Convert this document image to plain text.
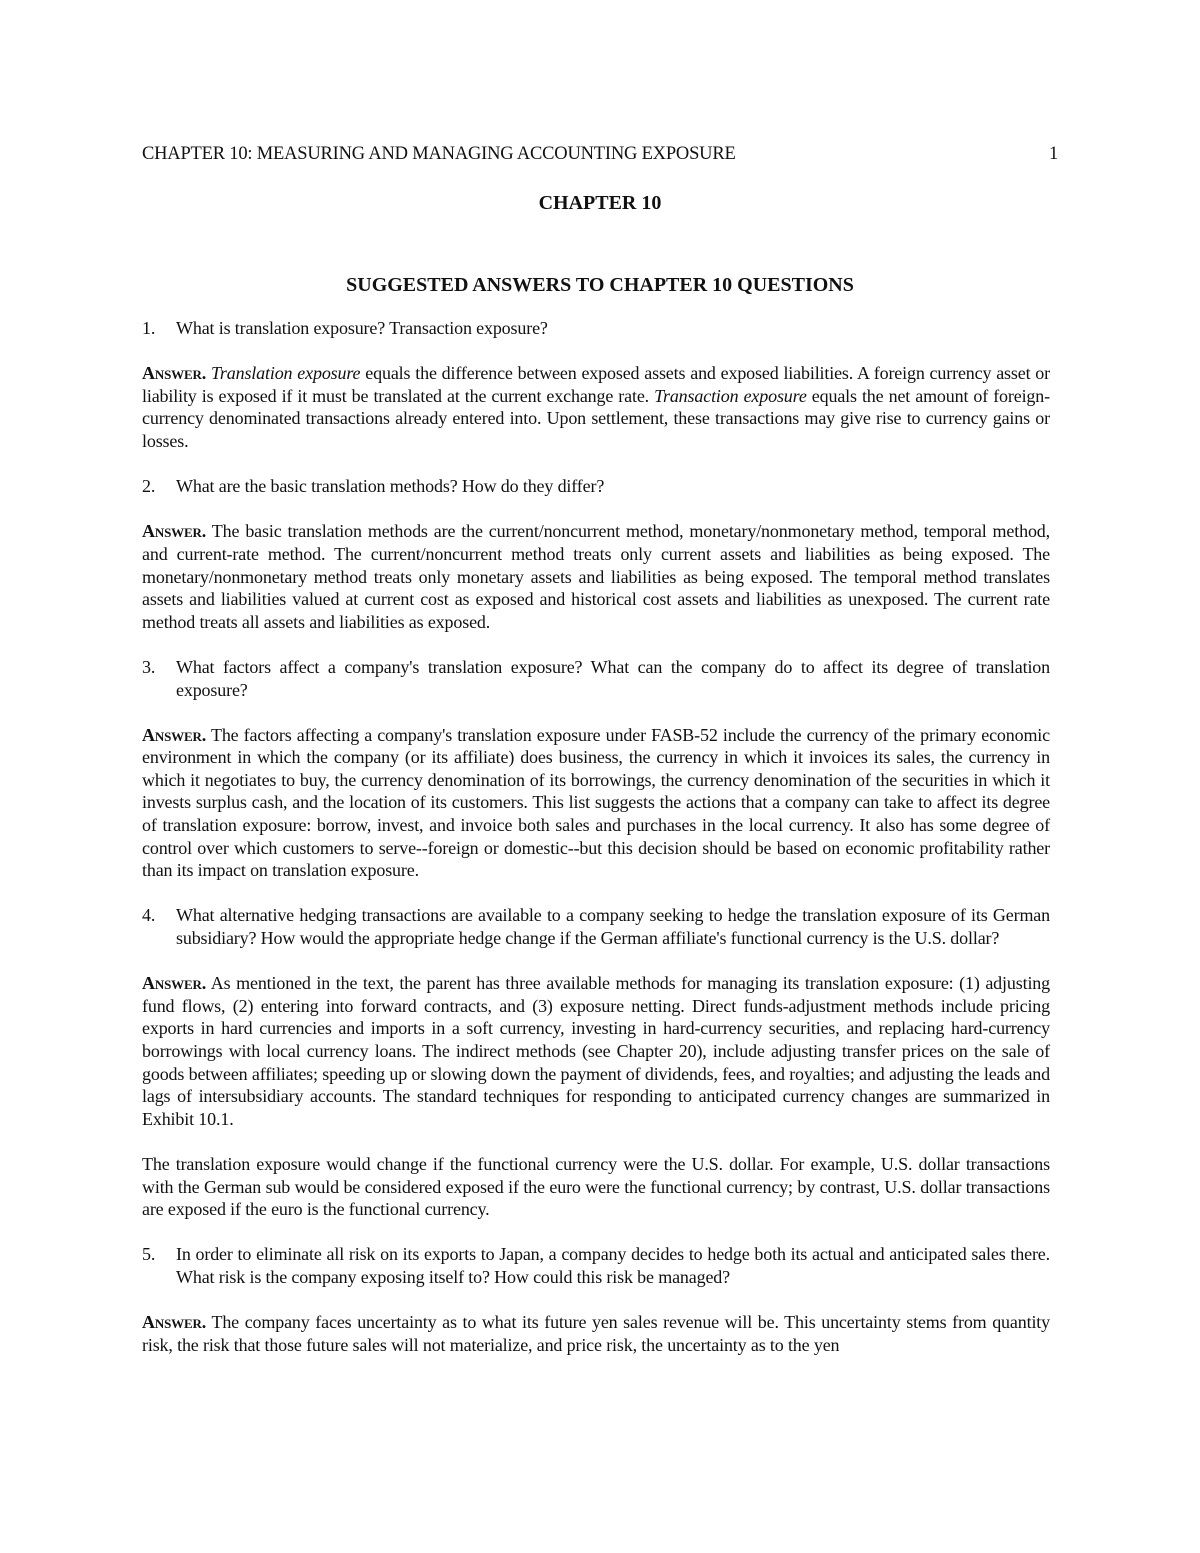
CHAPTER 10: MEASURING AND MANAGING ACCOUNTING EXPOSURE	1
CHAPTER 10
SUGGESTED ANSWERS TO CHAPTER 10 QUESTIONS
1. What is translation exposure? Transaction exposure?
Answer. Translation exposure equals the difference between exposed assets and exposed liabilities. A foreign currency asset or liability is exposed if it must be translated at the current exchange rate. Transaction exposure equals the net amount of foreign-currency denominated transactions already entered into. Upon settlement, these transactions may give rise to currency gains or losses.
2. What are the basic translation methods? How do they differ?
Answer. The basic translation methods are the current/noncurrent method, monetary/nonmonetary method, temporal method, and current-rate method. The current/noncurrent method treats only current assets and liabilities as being exposed. The monetary/nonmonetary method treats only monetary assets and liabilities as being exposed. The temporal method translates assets and liabilities valued at current cost as exposed and historical cost assets and liabilities as unexposed. The current rate method treats all assets and liabilities as exposed.
3. What factors affect a company's translation exposure? What can the company do to affect its degree of translation exposure?
Answer. The factors affecting a company's translation exposure under FASB-52 include the currency of the primary economic environment in which the company (or its affiliate) does business, the currency in which it invoices its sales, the currency in which it negotiates to buy, the currency denomination of its borrowings, the currency denomination of the securities in which it invests surplus cash, and the location of its customers. This list suggests the actions that a company can take to affect its degree of translation exposure: borrow, invest, and invoice both sales and purchases in the local currency. It also has some degree of control over which customers to serve--foreign or domestic--but this decision should be based on economic profitability rather than its impact on translation exposure.
4. What alternative hedging transactions are available to a company seeking to hedge the translation exposure of its German subsidiary? How would the appropriate hedge change if the German affiliate's functional currency is the U.S. dollar?
Answer. As mentioned in the text, the parent has three available methods for managing its translation exposure: (1) adjusting fund flows, (2) entering into forward contracts, and (3) exposure netting. Direct funds-adjustment methods include pricing exports in hard currencies and imports in a soft currency, investing in hard-currency securities, and replacing hard-currency borrowings with local currency loans. The indirect methods (see Chapter 20), include adjusting transfer prices on the sale of goods between affiliates; speeding up or slowing down the payment of dividends, fees, and royalties; and adjusting the leads and lags of intersubsidiary accounts. The standard techniques for responding to anticipated currency changes are summarized in Exhibit 10.1.
The translation exposure would change if the functional currency were the U.S. dollar. For example, U.S. dollar transactions with the German sub would be considered exposed if the euro were the functional currency; by contrast, U.S. dollar transactions are exposed if the euro is the functional currency.
5. In order to eliminate all risk on its exports to Japan, a company decides to hedge both its actual and anticipated sales there. What risk is the company exposing itself to? How could this risk be managed?
Answer. The company faces uncertainty as to what its future yen sales revenue will be. This uncertainty stems from quantity risk, the risk that those future sales will not materialize, and price risk, the uncertainty as to the yen
